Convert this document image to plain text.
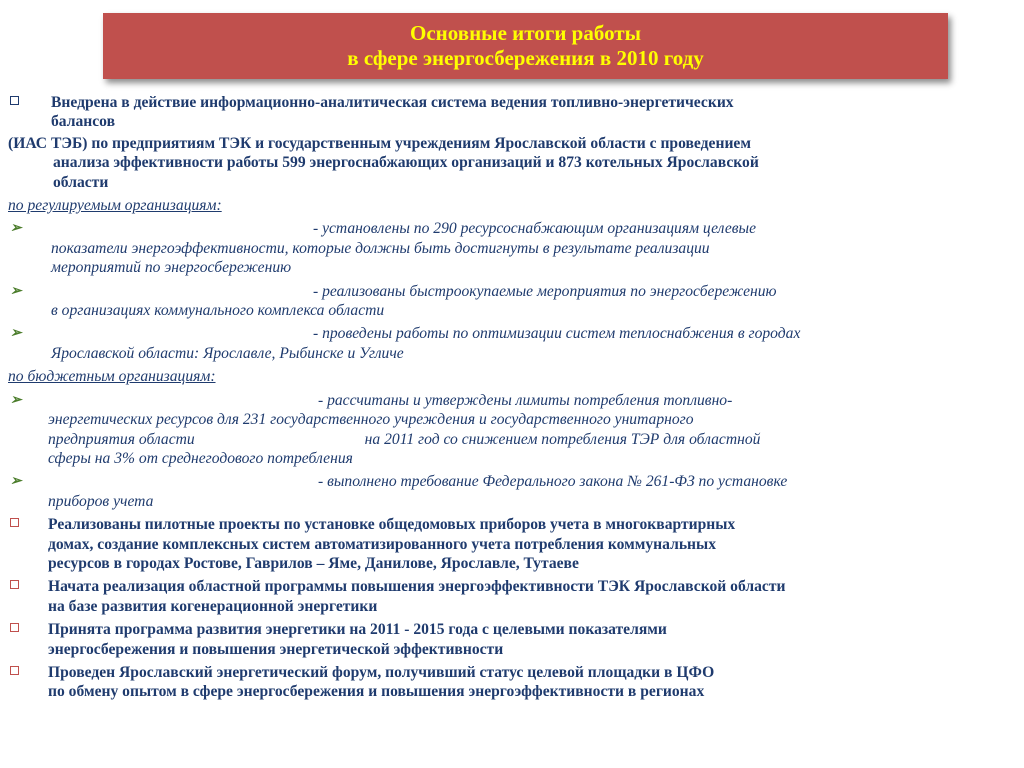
Основные итоги работы
в сфере энергосбережения в 2010 году
Внедрена в действие информационно-аналитическая система ведения топливно-энергетических
балансов
(ИАС ТЭБ) по предприятиям ТЭК и государственным учреждениям Ярославской области с проведением
анализа эффективности работы 599 энергоснабжающих организаций и 873 котельных Ярославской
области
по регулируемым организациям:
➢	- установлены по 290 ресурсоснабжающим организациям целевые
показатели энергоэффективности, которые должны быть достигнуты в результате реализации
мероприятий по энергосбережению
➢	- реализованы быстроокупаемые мероприятия по энергосбережению
в организациях коммунального комплекса области
➢	- проведены работы по оптимизации систем теплоснабжения в городах
Ярославской области: Ярославле, Рыбинске и Угличе
по бюджетным организациям:
➢	- рассчитаны и утверждены лимиты потребления топливно-
энергетических ресурсов для 231 государственного учреждения и государственного унитарного
предприятия области	на 2011 год со снижением потребления ТЭР для областной
сферы на 3% от среднегодового потребления
➢	- выполнено требование Федерального закона № 261-ФЗ по установке
приборов учета
Реализованы пилотные проекты по установке общедомовых приборов учета в многоквартирных
домах, создание комплексных систем автоматизированного учета потребления коммунальных
ресурсов в городах Ростове, Гаврилов – Яме, Данилове, Ярославле, Тутаеве
Начата реализация областной программы повышения энергоэффективности ТЭК Ярославской области
на базе развития когенерационной энергетики
Принята программа развития энергетики на 2011 - 2015 года с целевыми показателями
энергосбережения и повышения энергетической эффективности
Проведен Ярославский энергетический форум, получивший статус целевой площадки в ЦФО
по обмену опытом в сфере энергосбережения и повышения энергоэффективности в регионах
